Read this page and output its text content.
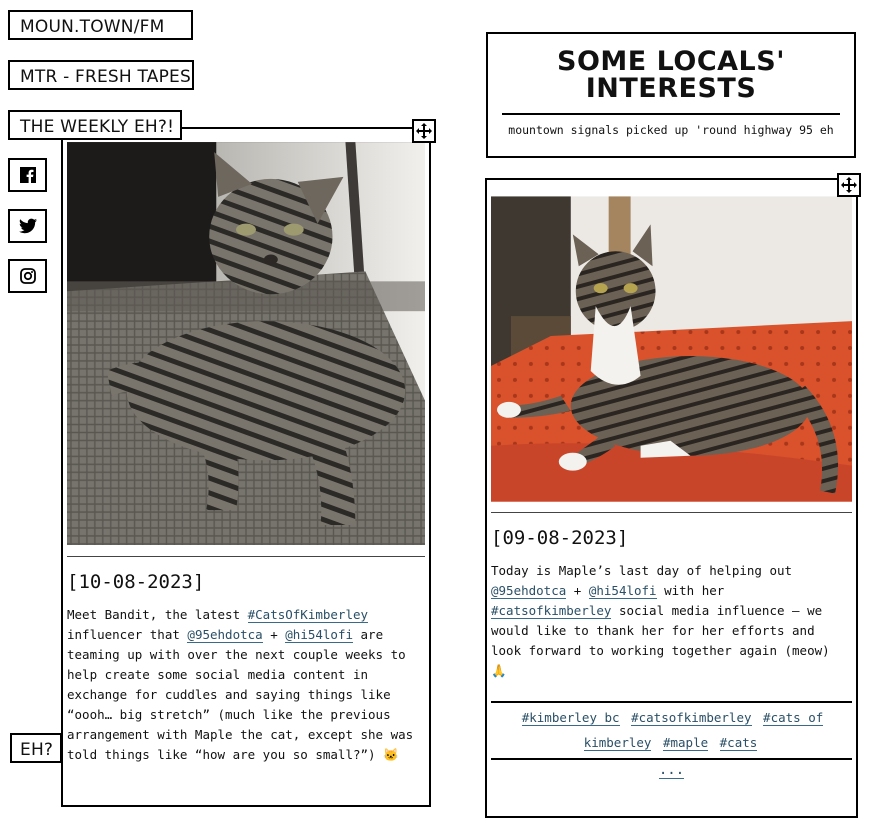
MOUN.TOWN/FM
MTR - FRESH TAPES
THE WEEKLY EH?!
EH?
[10-08-2023]

Meet Bandit, the latest #CatsOfKimberley influencer that @95ehdotca + @hi54lofi are teaming up with over the next couple weeks to help create some social media content in exchange for cuddles and saying things like “oooh… big stretch” (much like the previous arrangement with Maple the cat, except she was told things like “how are you so small?”) 🐱

SOME LOCALS'
INTERESTS
mountown signals picked up 'round highway 95 eh
[09-08-2023]

Today is Maple’s last day of helping out @95ehdotca + @hi54lofi with her #catsofkimberley social media influence – we would like to thank her for her efforts and look forward to working together again (meow) 🙏

#kimberley bc #catsofkimberley #cats of kimberley #maple #cats
...
